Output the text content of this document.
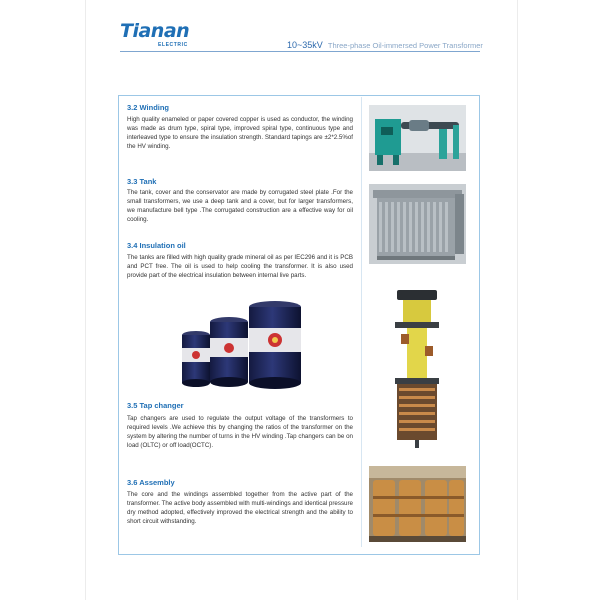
Tianan
ELECTRIC	10~35kV Three-phase Oil-immersed Power Transformer
3.2 Winding
High quality enameled or paper covered copper is used as conductor, the winding was made as drum type, spiral type, improved spiral type, continuous type and interleaved type to ensure the insulation strength. Standard tapings are ±2*2.5%of the HV winding.
3.3 Tank
The tank, cover and the conservator are made by corrugated steel plate .For the small transformers, we use a deep tank and a cover, but for larger transformers, we manufacture bell type .The corrugated construction are a effective way for oil cooling.
3.4 Insulation oil
The tanks are filled with high quality grade mineral oil as per IEC296 and it is PCB and PCT free. The oil is used to help cooling the transformer. It is also used provide part of the electrical insulation between internal live parts.
3.5 Tap changer
Tap changers are used to regulate the output voltage of the transformers to required levels .We achieve this by changing the ratios of the transformer on the system by altering the number of turns in the HV winding .Tap changers can be on load (OLTC) or off load(OCTC).
3.6 Assembly
The core and the windings assembled together from the active part of the transformer. The active body assembled with multi-windings and identical pressure dry method adopted, effectively improved the electrical strength and the ability to short circuit withstanding.
